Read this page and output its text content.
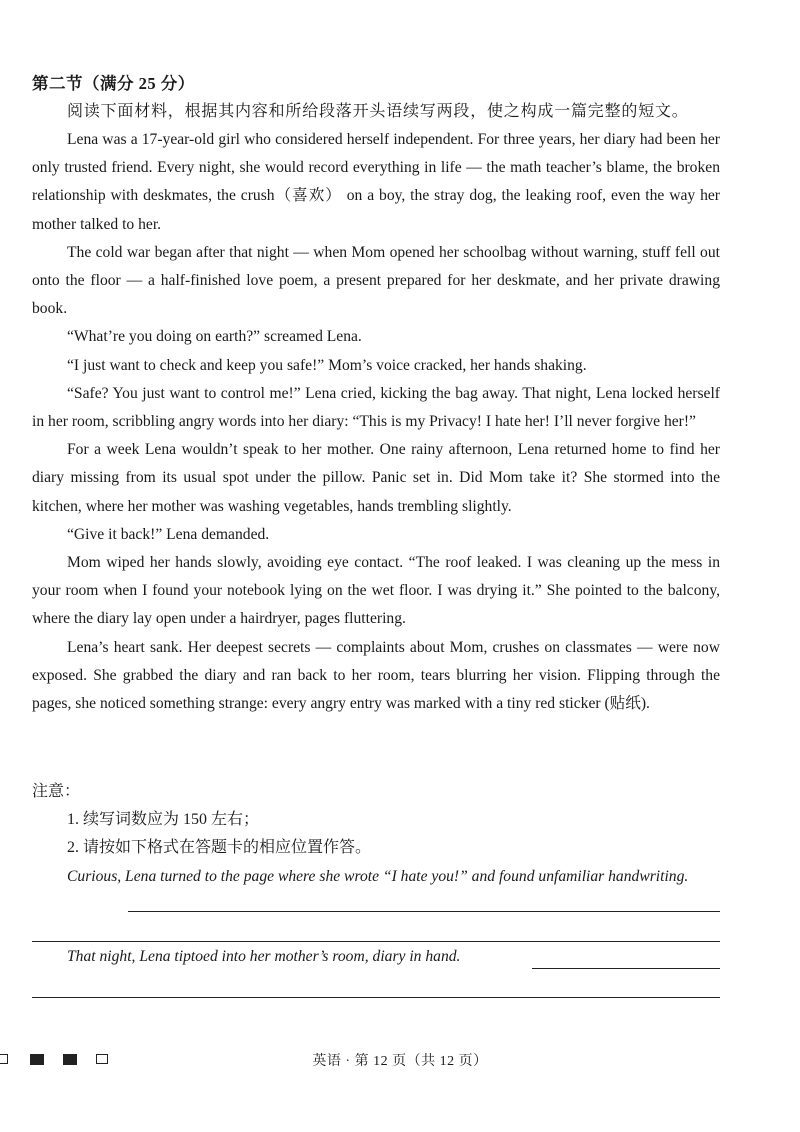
第二节（满分 25 分）
阅读下面材料，根据其内容和所给段落开头语续写两段，使之构成一篇完整的短文。

Lena was a 17-year-old girl who considered herself independent. For three years, her diary had been her only trusted friend. Every night, she would record everything in life — the math teacher’s blame, the broken relationship with deskmates, the crush（喜欢） on a boy, the stray dog, the leaking roof, even the way her mother talked to her.

The cold war began after that night — when Mom opened her schoolbag without warning, stuff fell out onto the floor — a half-finished love poem, a present prepared for her deskmate, and her private drawing book.

“What’re you doing on earth?” screamed Lena.

“I just want to check and keep you safe!” Mom’s voice cracked, her hands shaking.

“Safe? You just want to control me!” Lena cried, kicking the bag away. That night, Lena locked herself in her room, scribbling angry words into her diary: “This is my Privacy! I hate her! I’ll never forgive her!”

For a week Lena wouldn’t speak to her mother. One rainy afternoon, Lena returned home to find her diary missing from its usual spot under the pillow. Panic set in. Did Mom take it? She stormed into the kitchen, where her mother was washing vegetables, hands trembling slightly.

“Give it back!” Lena demanded.

Mom wiped her hands slowly, avoiding eye contact. “The roof leaked. I was cleaning up the mess in your room when I found your notebook lying on the wet floor. I was drying it.” She pointed to the balcony, where the diary lay open under a hairdryer, pages fluttering.

Lena’s heart sank. Her deepest secrets — complaints about Mom, crushes on classmates — were now exposed. She grabbed the diary and ran back to her room, tears blurring her vision. Flipping through the pages, she noticed something strange: every angry entry was marked with a tiny red sticker (贴纸).

注意：
1. 续写词数应为 150 左右；
2. 请按如下格式在答题卡的相应位置作答。
Curious, Lena turned to the page where she wrote “I hate you!” and found unfamiliar handwriting.
That night, Lena tiptoed into her mother’s room, diary in hand.
英语 · 第 12 页（共 12 页）
